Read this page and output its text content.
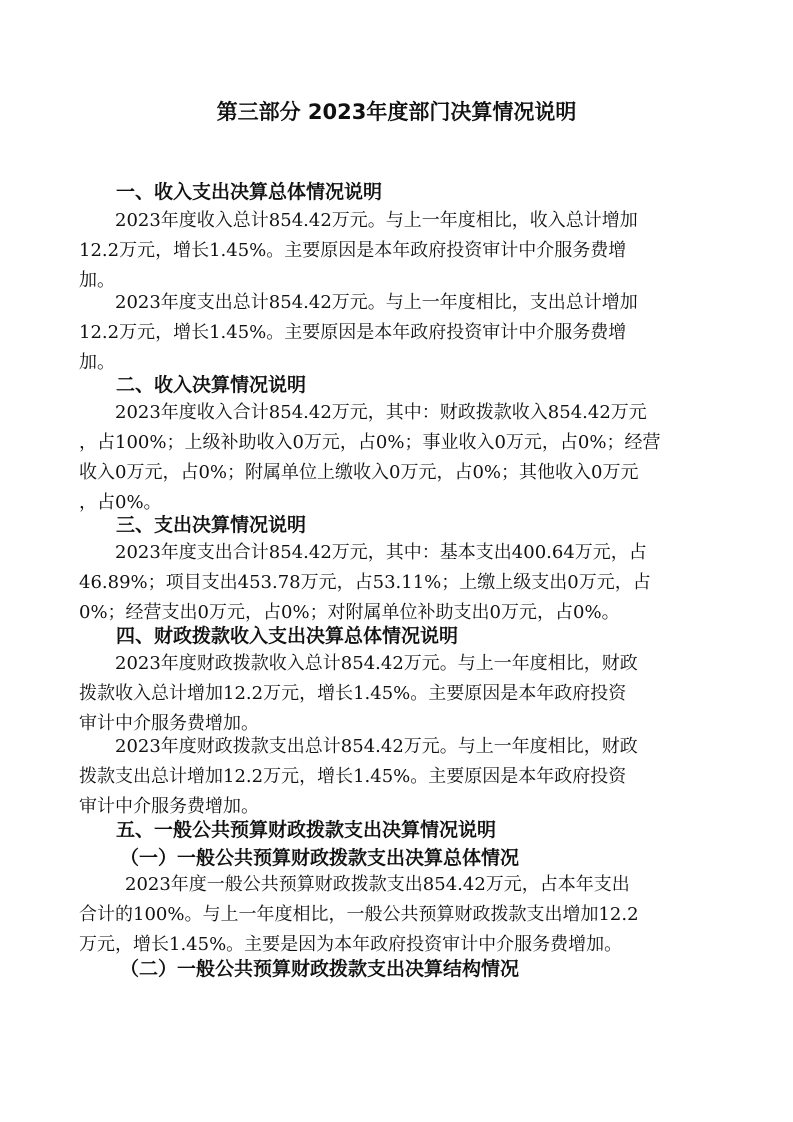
第三部分 2023年度部门决算情况说明
一、收入支出决算总体情况说明

2023年度收入总计854.42万元。与上一年度相比，收入总计增加
12.2万元，增长1.45%。主要原因是本年政府投资审计中介服务费增
加。

2023年度支出总计854.42万元。与上一年度相比，支出总计增加
12.2万元，增长1.45%。主要原因是本年政府投资审计中介服务费增
加。

二、收入决算情况说明

2023年度收入合计854.42万元，其中：财政拨款收入854.42万元
，占100%；上级补助收入0万元，占0%；事业收入0万元，占0%；经营
收入0万元，占0%；附属单位上缴收入0万元，占0%；其他收入0万元
，占0%。

三、支出决算情况说明

2023年度支出合计854.42万元，其中：基本支出400.64万元，占
46.89%；项目支出453.78万元，占53.11%；上缴上级支出0万元，占
0%；经营支出0万元，占0%；对附属单位补助支出0万元，占0%。

四、财政拨款收入支出决算总体情况说明

2023年度财政拨款收入总计854.42万元。与上一年度相比，财政
拨款收入总计增加12.2万元，增长1.45%。主要原因是本年政府投资
审计中介服务费增加。

2023年度财政拨款支出总计854.42万元。与上一年度相比，财政
拨款支出总计增加12.2万元，增长1.45%。主要原因是本年政府投资
审计中介服务费增加。

五、一般公共预算财政拨款支出决算情况说明
（一）一般公共预算财政拨款支出决算总体情况

2023年度一般公共预算财政拨款支出854.42万元，占本年支出
合计的100%。与上一年度相比，一般公共预算财政拨款支出增加12.2
万元，增长1.45%。主要是因为本年政府投资审计中介服务费增加。

（二）一般公共预算财政拨款支出决算结构情况
